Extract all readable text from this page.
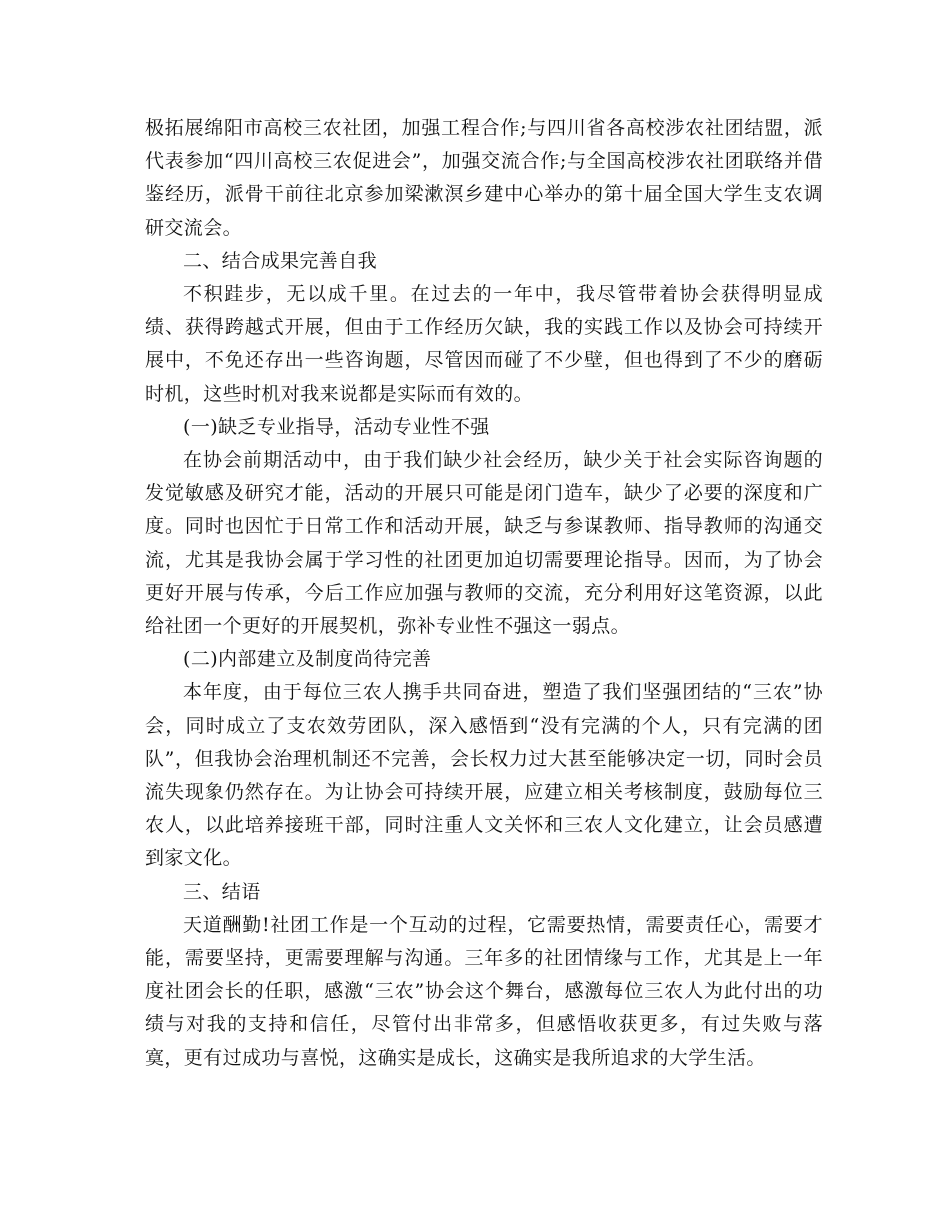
极拓展绵阳市高校三农社团，加强工程合作;与四川省各高校涉农社团结盟，派代表参加“四川高校三农促进会”，加强交流合作;与全国高校涉农社团联络并借鉴经历，派骨干前往北京参加梁漱溟乡建中心举办的第十届全国大学生支农调研交流会。

二、结合成果完善自我

不积跬步，无以成千里。在过去的一年中，我尽管带着协会获得明显成绩、获得跨越式开展，但由于工作经历欠缺，我的实践工作以及协会可持续开展中，不免还存出一些咨询题，尽管因而碰了不少壁，但也得到了不少的磨砺时机，这些时机对我来说都是实际而有效的。

(一)缺乏专业指导，活动专业性不强

在协会前期活动中，由于我们缺少社会经历，缺少关于社会实际咨询题的发觉敏感及研究才能，活动的开展只可能是闭门造车，缺少了必要的深度和广度。同时也因忙于日常工作和活动开展，缺乏与参谋教师、指导教师的沟通交流，尤其是我协会属于学习性的社团更加迫切需要理论指导。因而，为了协会更好开展与传承，今后工作应加强与教师的交流，充分利用好这笔资源，以此给社团一个更好的开展契机，弥补专业性不强这一弱点。

(二)内部建立及制度尚待完善

本年度，由于每位三农人携手共同奋进，塑造了我们坚强团结的“三农”协会，同时成立了支农效劳团队，深入感悟到“没有完满的个人，只有完满的团队”，但我协会治理机制还不完善，会长权力过大甚至能够决定一切，同时会员流失现象仍然存在。为让协会可持续开展，应建立相关考核制度，鼓励每位三农人，以此培养接班干部，同时注重人文关怀和三农人文化建立，让会员感遭到家文化。

三、结语

天道酬勤!社团工作是一个互动的过程，它需要热情，需要责任心，需要才能，需要坚持，更需要理解与沟通。三年多的社团情缘与工作，尤其是上一年度社团会长的任职，感激“三农”协会这个舞台，感激每位三农人为此付出的功绩与对我的支持和信任，尽管付出非常多，但感悟收获更多，有过失败与落寞，更有过成功与喜悦，这确实是成长，这确实是我所追求的大学生活。
